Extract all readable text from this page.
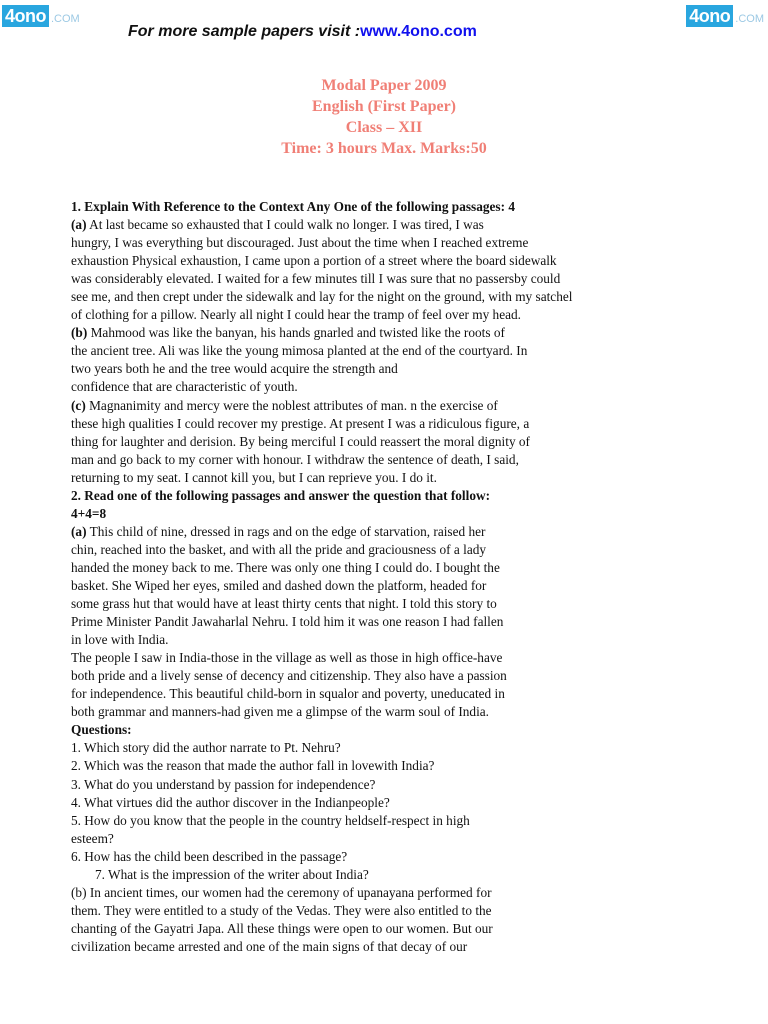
4ono .COM	4ono .COM
For more sample papers visit :www.4ono.com
Modal Paper 2009
English (First Paper)
Class – XII
Time: 3 hours Max. Marks:50
1. Explain With Reference to the Context Any One of the following passages: 4
(a) At last became so exhausted that I could walk no longer. I was tired, I was
hungry, I was everything but discouraged. Just about the time when I reached extreme
exhaustion Physical exhaustion, I came upon a portion of a street where the board sidewalk
was considerably elevated. I waited for a few minutes till I was sure that no passersby could
see me, and then crept under the sidewalk and lay for the night on the ground, with my satchel
of clothing for a pillow. Nearly all night I could hear the tramp of feel over my head.
(b) Mahmood was like the banyan, his hands gnarled and twisted like the roots of
the ancient tree. Ali was like the young mimosa planted at the end of the courtyard. In
two years both he and the tree would acquire the strength and
confidence that are characteristic of youth.
(c) Magnanimity and mercy were the noblest attributes of man. n the exercise of
these high qualities I could recover my prestige. At present I was a ridiculous figure, a
thing for laughter and derision. By being merciful I could reassert the moral dignity of
man and go back to my corner with honour. I withdraw the sentence of death, I said,
returning to my seat. I cannot kill you, but I can reprieve you. I do it.
2. Read one of the following passages and answer the question that follow:
4+4=8
(a) This child of nine, dressed in rags and on the edge of starvation, raised her
chin, reached into the basket, and with all the pride and graciousness of a lady
handed the money back to me. There was only one thing I could do. I bought the
basket. She Wiped her eyes, smiled and dashed down the platform, headed for
some grass hut that would have at least thirty cents that night. I told this story to
Prime Minister Pandit Jawaharlal Nehru. I told him it was one reason I had fallen
in love with India.
The people I saw in India-those in the village as well as those in high office-have
both pride and a lively sense of decency and citizenship. They also have a passion
for independence. This beautiful child-born in squalor and poverty, uneducated in
both grammar and manners-had given me a glimpse of the warm soul of India.
Questions:
1. Which story did the author narrate to Pt. Nehru?
2. Which was the reason that made the author fall in lovewith India?
3. What do you understand by passion for independence?
4. What virtues did the author discover in the Indianpeople?
5. How do you know that the people in the country heldself-respect in high
esteem?
6. How has the child been described in the passage?
7. What is the impression of the writer about India?
(b) In ancient times, our women had the ceremony of upanayana performed for
them. They were entitled to a study of the Vedas. They were also entitled to the
chanting of the Gayatri Japa. All these things were open to our women. But our
civilization became arrested and one of the main signs of that decay of our
